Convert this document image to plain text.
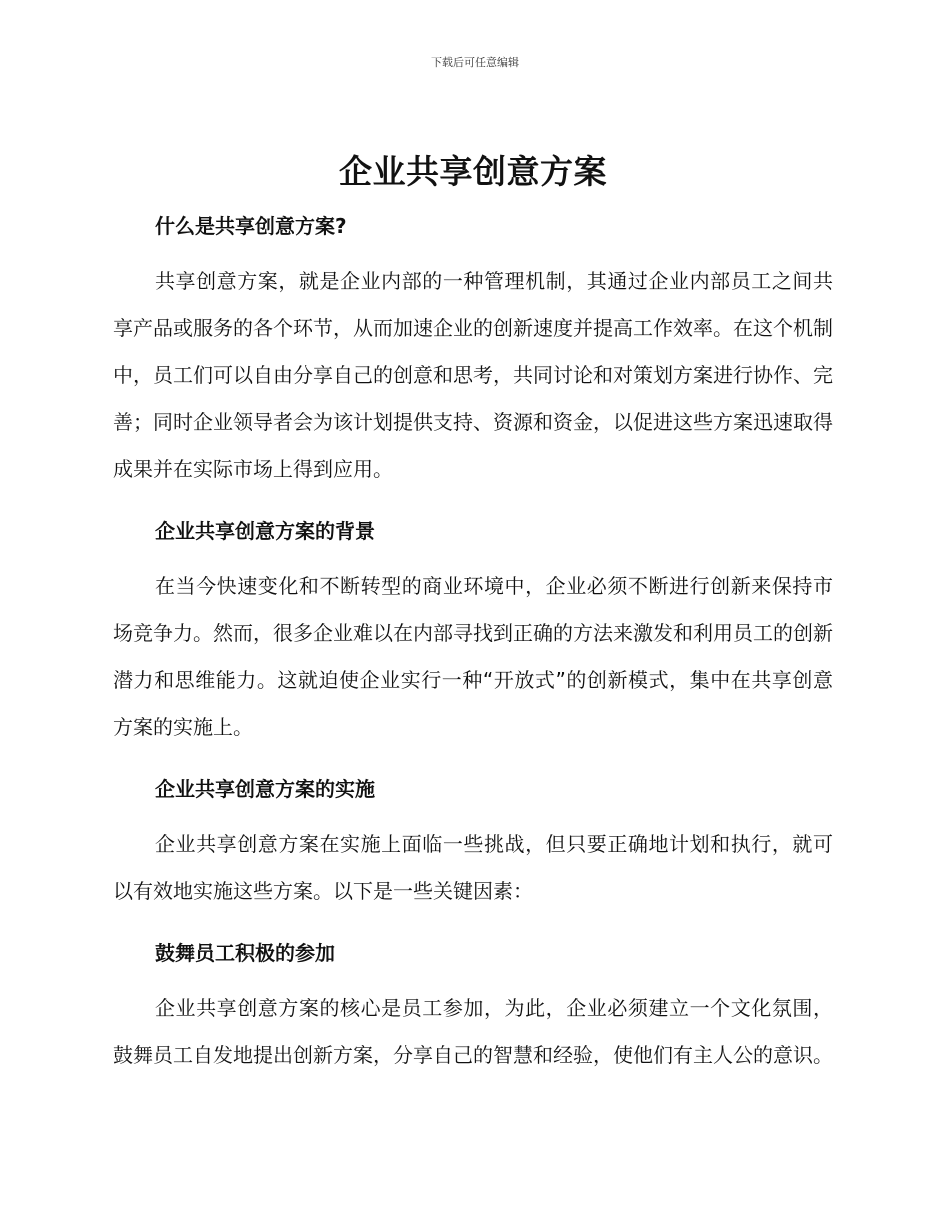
下载后可任意编辑
企业共享创意方案
什么是共享创意方案?

共享创意方案，就是企业内部的一种管理机制，其通过企业内部员工之间共享产品或服务的各个环节，从而加速企业的创新速度并提高工作效率。在这个机制中，员工们可以自由分享自己的创意和思考，共同讨论和对策划方案进行协作、完善；同时企业领导者会为该计划提供支持、资源和资金，以促进这些方案迅速取得成果并在实际市场上得到应用。

企业共享创意方案的背景

在当今快速变化和不断转型的商业环境中，企业必须不断进行创新来保持市场竞争力。然而，很多企业难以在内部寻找到正确的方法来激发和利用员工的创新潜力和思维能力。这就迫使企业实行一种“开放式”的创新模式，集中在共享创意方案的实施上。

企业共享创意方案的实施

企业共享创意方案在实施上面临一些挑战，但只要正确地计划和执行，就可以有效地实施这些方案。以下是一些关键因素：

鼓舞员工积极的参加

企业共享创意方案的核心是员工参加，为此，企业必须建立一个文化氛围，鼓舞员工自发地提出创新方案，分享自己的智慧和经验，使他们有主人公的意识。
